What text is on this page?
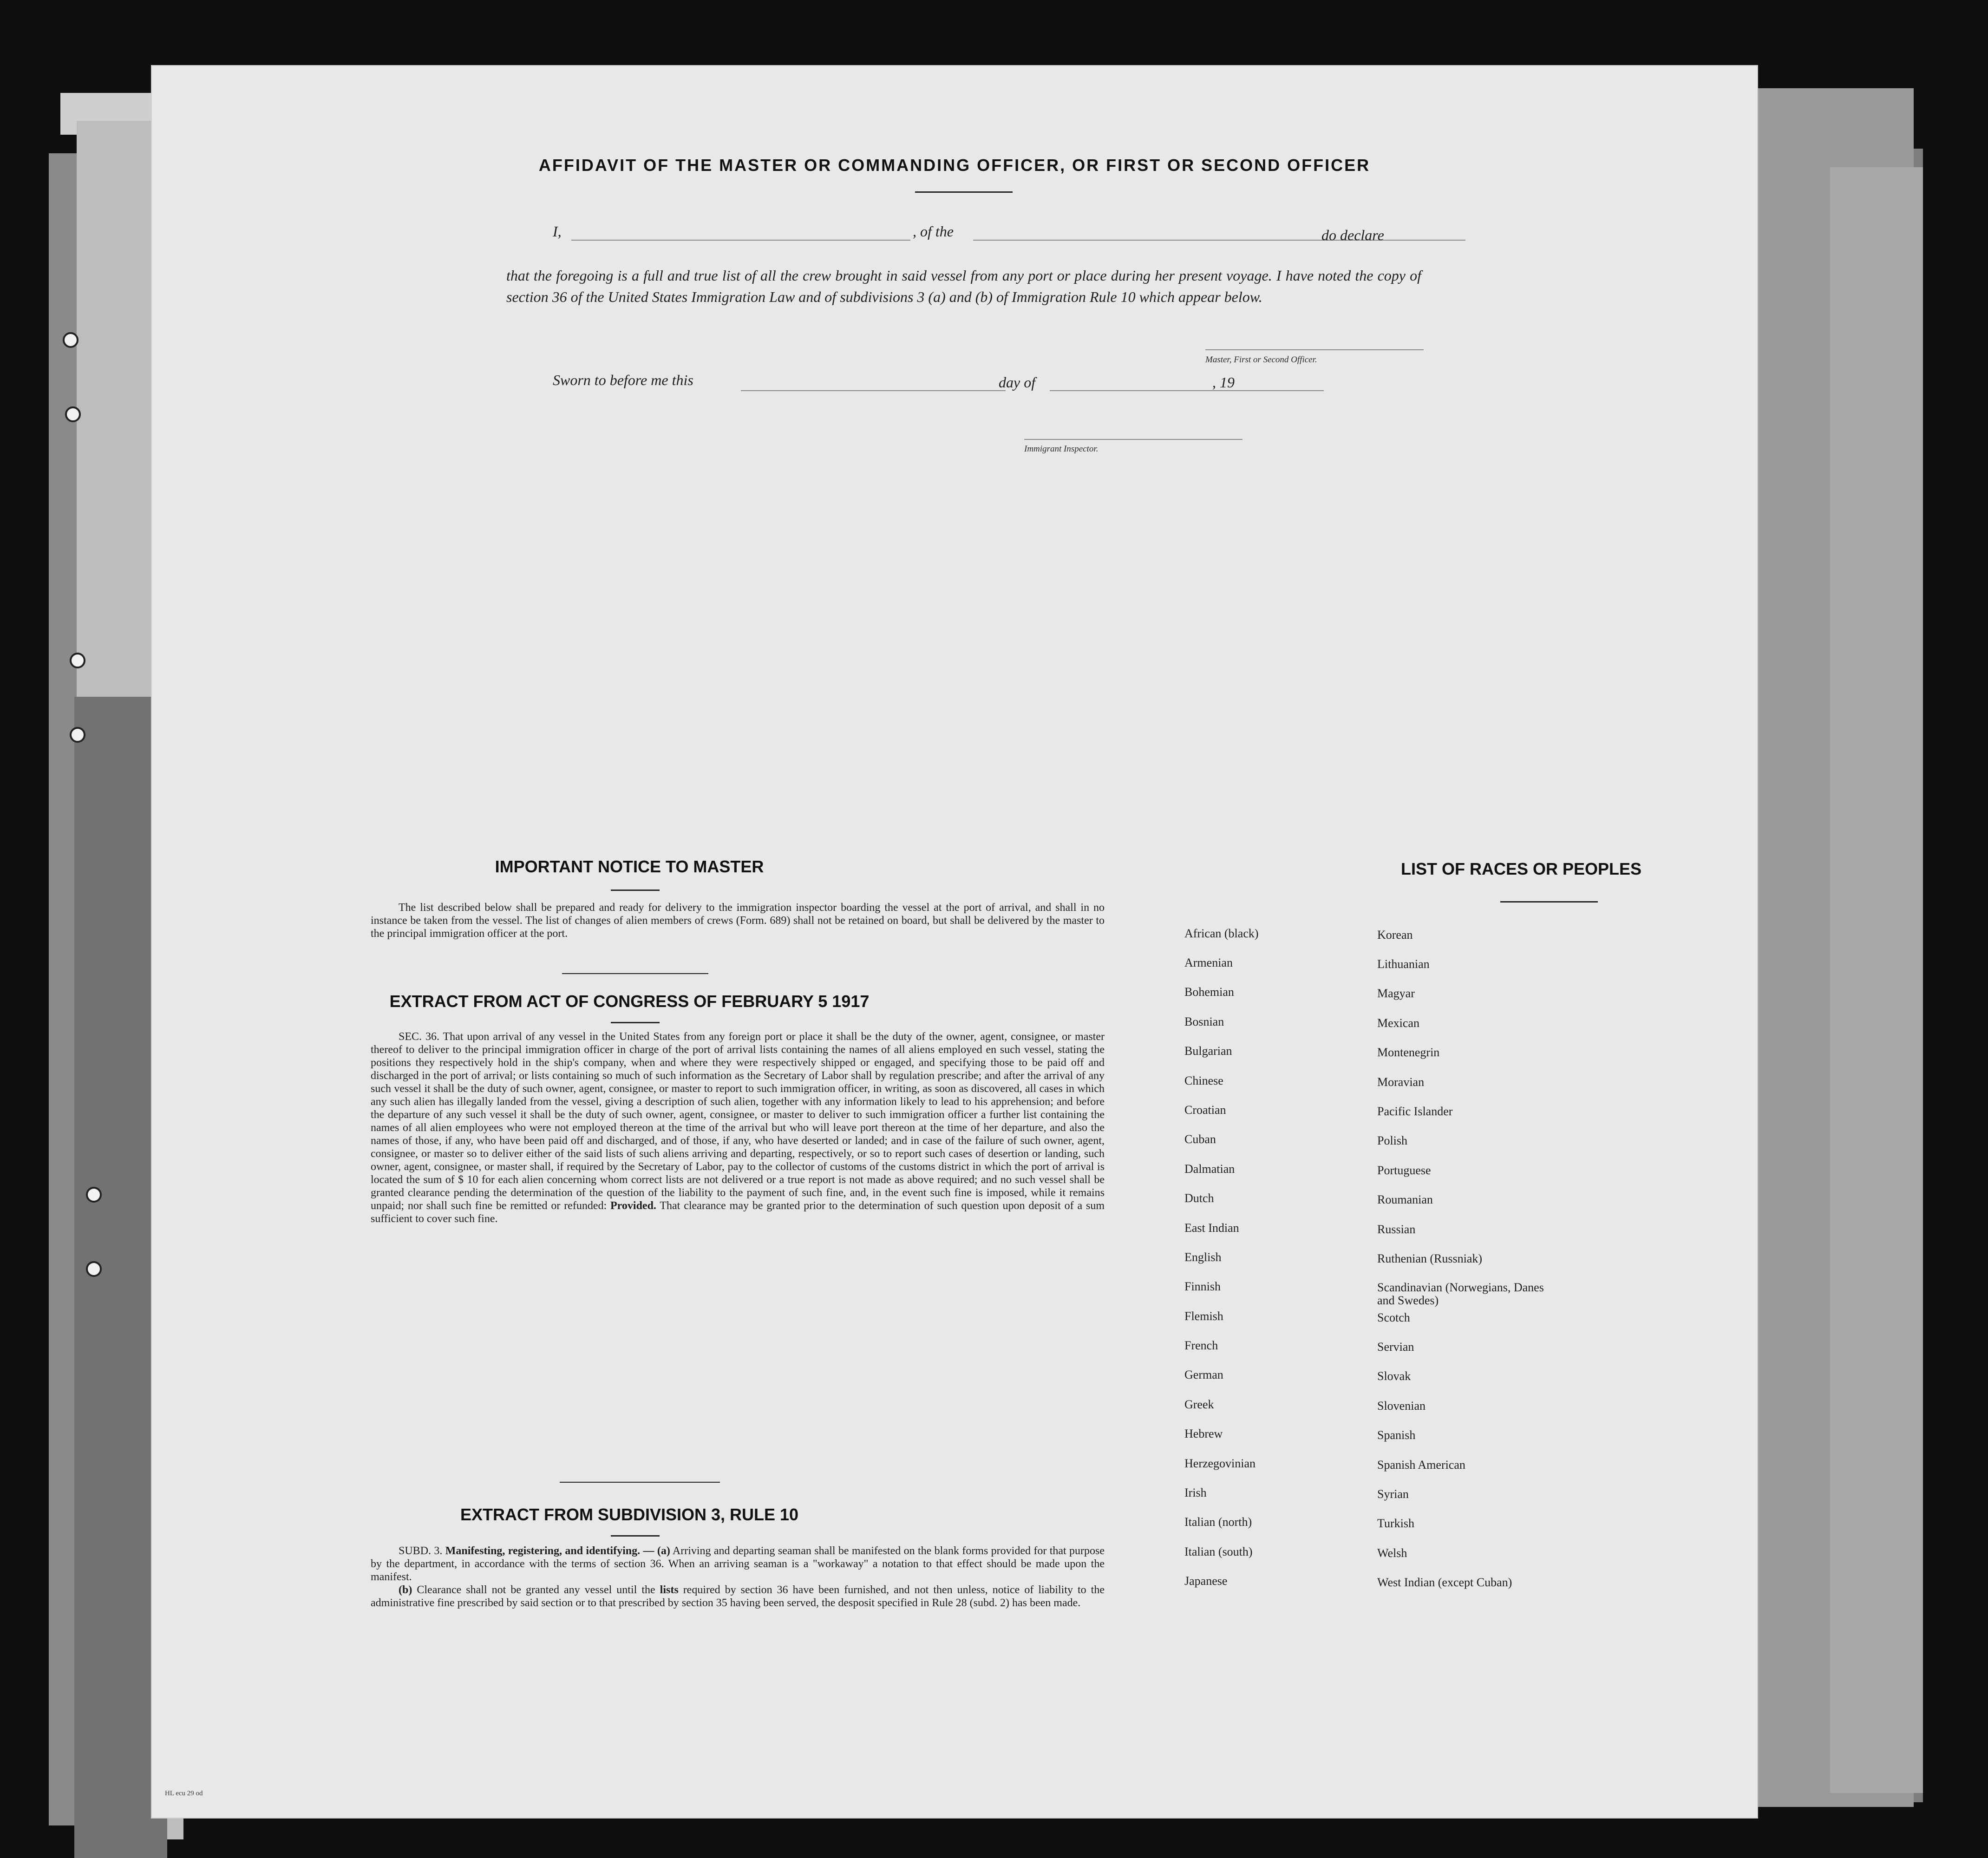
AFFIDAVIT OF THE MASTER OR COMMANDING OFFICER, OR FIRST OR SECOND OFFICER
I,	, of the	do declare
that the foregoing is a full and true list of all the crew brought in said vessel from any port or place during her present voyage. I have noted the copy of section 36 of the United States Immigration Law and of subdivisions 3 (a) and (b) of Immigration Rule 10 which appear below.
Master, First or Second Officer.
Sworn to before me this	day of	, 19
Immigrant Inspector.
IMPORTANT NOTICE TO MASTER
The list described below shall be prepared and ready for delivery to the immigration inspector boarding the vessel at the port of arrival, and shall in no instance be taken from the vessel. The list of changes of alien members of crews (Form. 689) shall not be retained on board, but shall be delivered by the master to the principal immigration officer at the port.
EXTRACT FROM ACT OF CONGRESS OF FEBRUARY 5 1917
SEC. 36. That upon arrival of any vessel in the United States from any foreign port or place it shall be the duty of the owner, agent, consignee, or master thereof to deliver to the principal immigration officer in charge of the port of arrival lists containing the names of all aliens employed en such vessel, stating the positions they respectively hold in the ship's company, when and where they were respectively shipped or engaged, and specifying those to be paid off and discharged in the port of arrival; or lists containing so much of such information as the Secretary of Labor shall by regulation prescribe; and after the arrival of any such vessel it shall be the duty of such owner, agent, consignee, or master to report to such immigration officer, in writing, as soon as discovered, all cases in which any such alien has illegally landed from the vessel, giving a description of such alien, together with any information likely to lead to his apprehension; and before the departure of any such vessel it shall be the duty of such owner, agent, consignee, or master to deliver to such immigration officer a further list containing the names of all alien employees who were not employed thereon at the time of the arrival but who will leave port thereon at the time of her departure, and also the names of those, if any, who have been paid off and discharged, and of those, if any, who have deserted or landed; and in case of the failure of such owner, agent, consignee, or master so to deliver either of the said lists of such aliens arriving and departing, respectively, or so to report such cases of desertion or landing, such owner, agent, consignee, or master shall, if required by the Secretary of Labor, pay to the collector of customs of the customs district in which the port of arrival is located the sum of $ 10 for each alien concerning whom correct lists are not delivered or a true report is not made as above required; and no such vessel shall be granted clearance pending the determination of the question of the liability to the payment of such fine, and, in the event such fine is imposed, while it remains unpaid; nor shall such fine be remitted or refunded: Provided. That clearance may be granted prior to the determination of such question upon deposit of a sum sufficient to cover such fine.
EXTRACT FROM SUBDIVISION 3, RULE 10
SUBD. 3. Manifesting, registering, and identifying. — (a) Arriving and departing seaman shall be manifested on the blank forms provided for that purpose by the department, in accordance with the terms of section 36. When an arriving seaman is a "workaway" a notation to that effect should be made upon the manifest.
(b) Clearance shall not be granted any vessel until the lists required by section 36 have been furnished, and not then unless, notice of liability to the administrative fine prescribed by said section or to that prescribed by section 35 having been served, the desposit specified in Rule 28 (subd. 2) has been made.
LIST OF RACES OR PEOPLES
African (black)
Armenian
Bohemian
Bosnian
Bulgarian
Chinese
Croatian
Cuban
Dalmatian
Dutch
East Indian
English
Finnish
Flemish
French
German
Greek
Hebrew
Herzegovinian
Irish
Italian (north)
Italian (south)
Japanese
Korean
Lithuanian
Magyar
Mexican
Montenegrin
Moravian
Pacific Islander
Polish
Portuguese
Roumanian
Russian
Ruthenian (Russniak)
Scandinavian (Norwegians, Danes and Swedes)
Scotch
Servian
Slovak
Slovenian
Spanish
Spanish American
Syrian
Turkish
Welsh
West Indian (except Cuban)
HL ecu 29 od
